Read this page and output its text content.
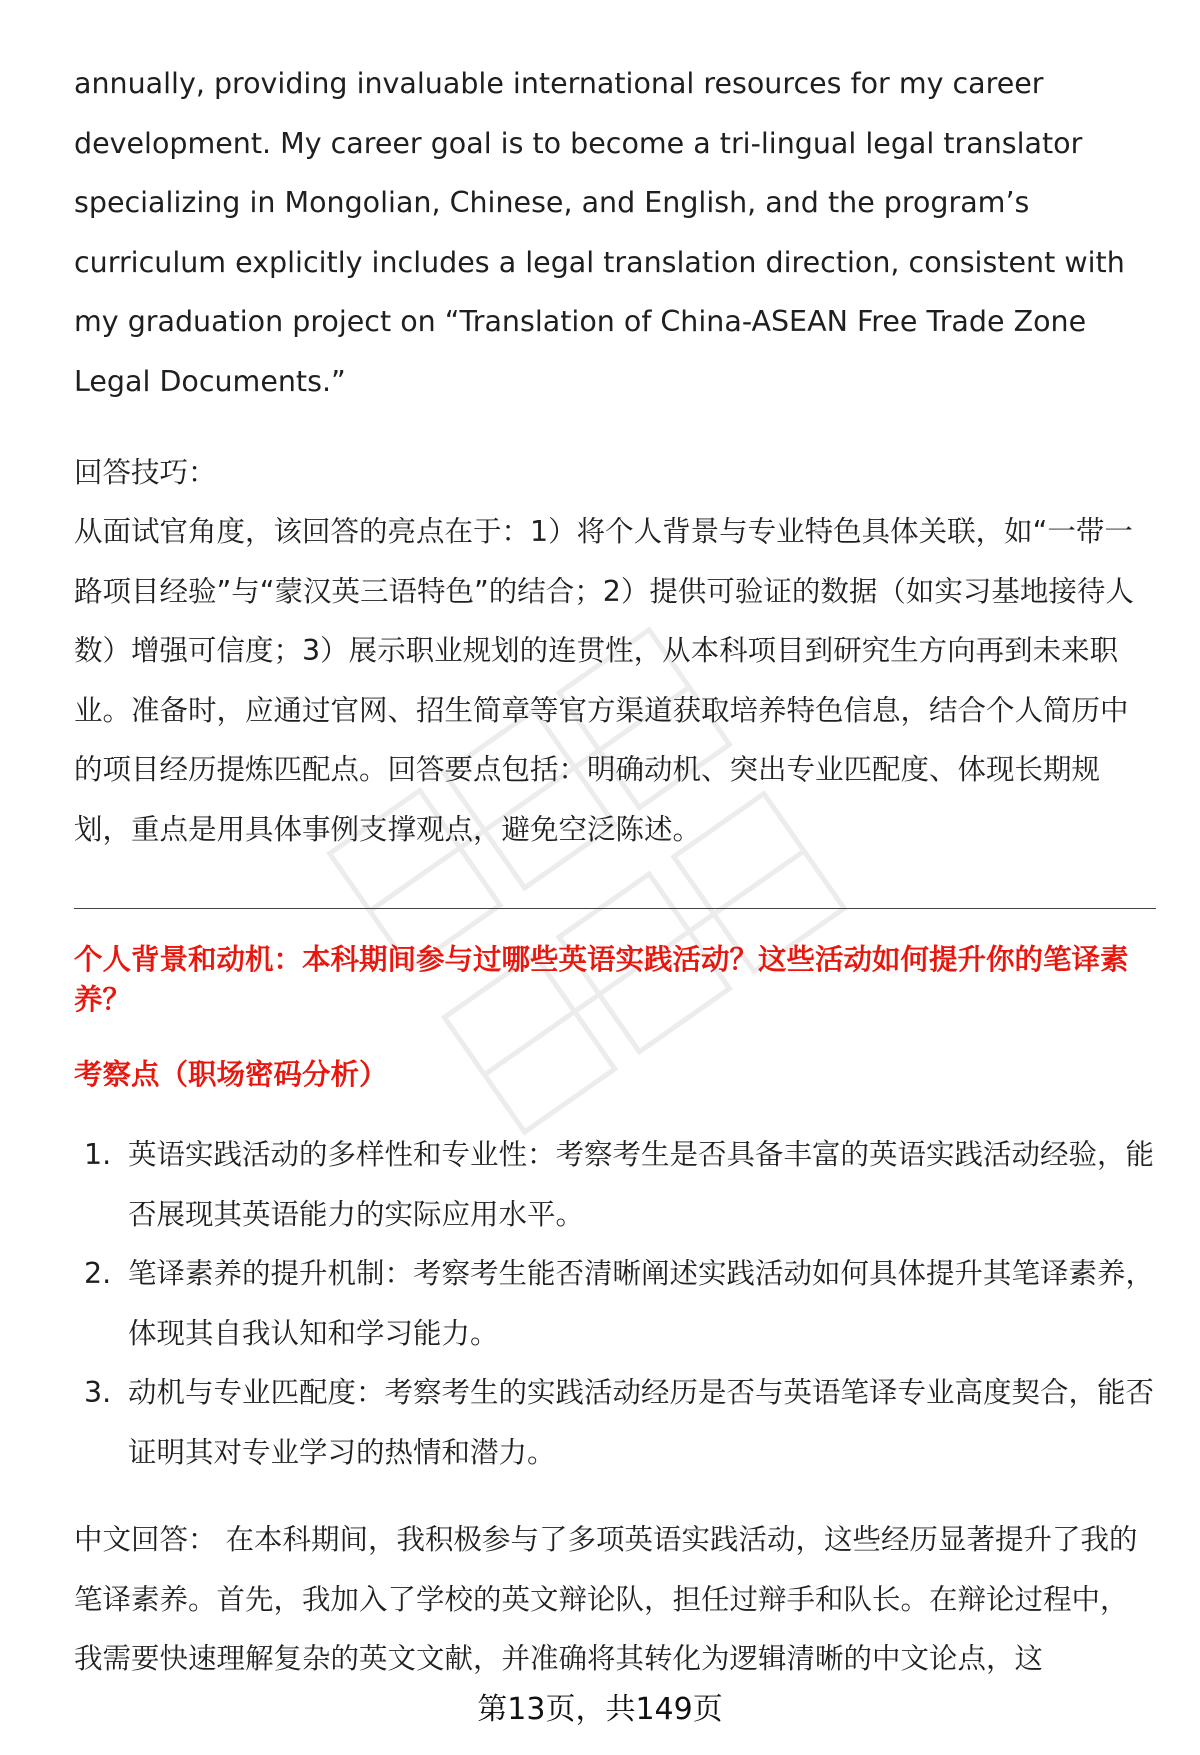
annually, providing invaluable international resources for my career development. My career goal is to become a tri-lingual legal translator specializing in Mongolian, Chinese, and English, and the program’s curriculum explicitly includes a legal translation direction, consistent with my graduation project on “Translation of China-ASEAN Free Trade Zone Legal Documents.”

回答技巧：

从面试官角度，该回答的亮点在于：1）将个人背景与专业特色具体关联，如“一带一路项目经验”与“蒙汉英三语特色”的结合；2）提供可验证的数据（如实习基地接待人数）增强可信度；3）展示职业规划的连贯性，从本科项目到研究生方向再到未来职业。准备时，应通过官网、招生简章等官方渠道获取培养特色信息，结合个人简历中的项目经历提炼匹配点。回答要点包括：明确动机、突出专业匹配度、体现长期规划，重点是用具体事例支撑观点，避免空泛陈述。

个人背景和动机：本科期间参与过哪些英语实践活动？这些活动如何提升你的笔译素养？
考察点（职场密码分析）
1. 英语实践活动的多样性和专业性：考察考生是否具备丰富的英语实践活动经验，能否展现其英语能力的实际应用水平。
2. 笔译素养的提升机制：考察考生能否清晰阐述实践活动如何具体提升其笔译素养，体现其自我认知和学习能力。
3. 动机与专业匹配度：考察考生的实践活动经历是否与英语笔译专业高度契合，能否证明其对专业学习的热情和潜力。

中文回答： 在本科期间，我积极参与了多项英语实践活动，这些经历显著提升了我的笔译素养。首先，我加入了学校的英文辩论队，担任过辩手和队长。在辩论过程中，我需要快速理解复杂的英文文献，并准确将其转化为逻辑清晰的中文论点，这

第13页，共149页
